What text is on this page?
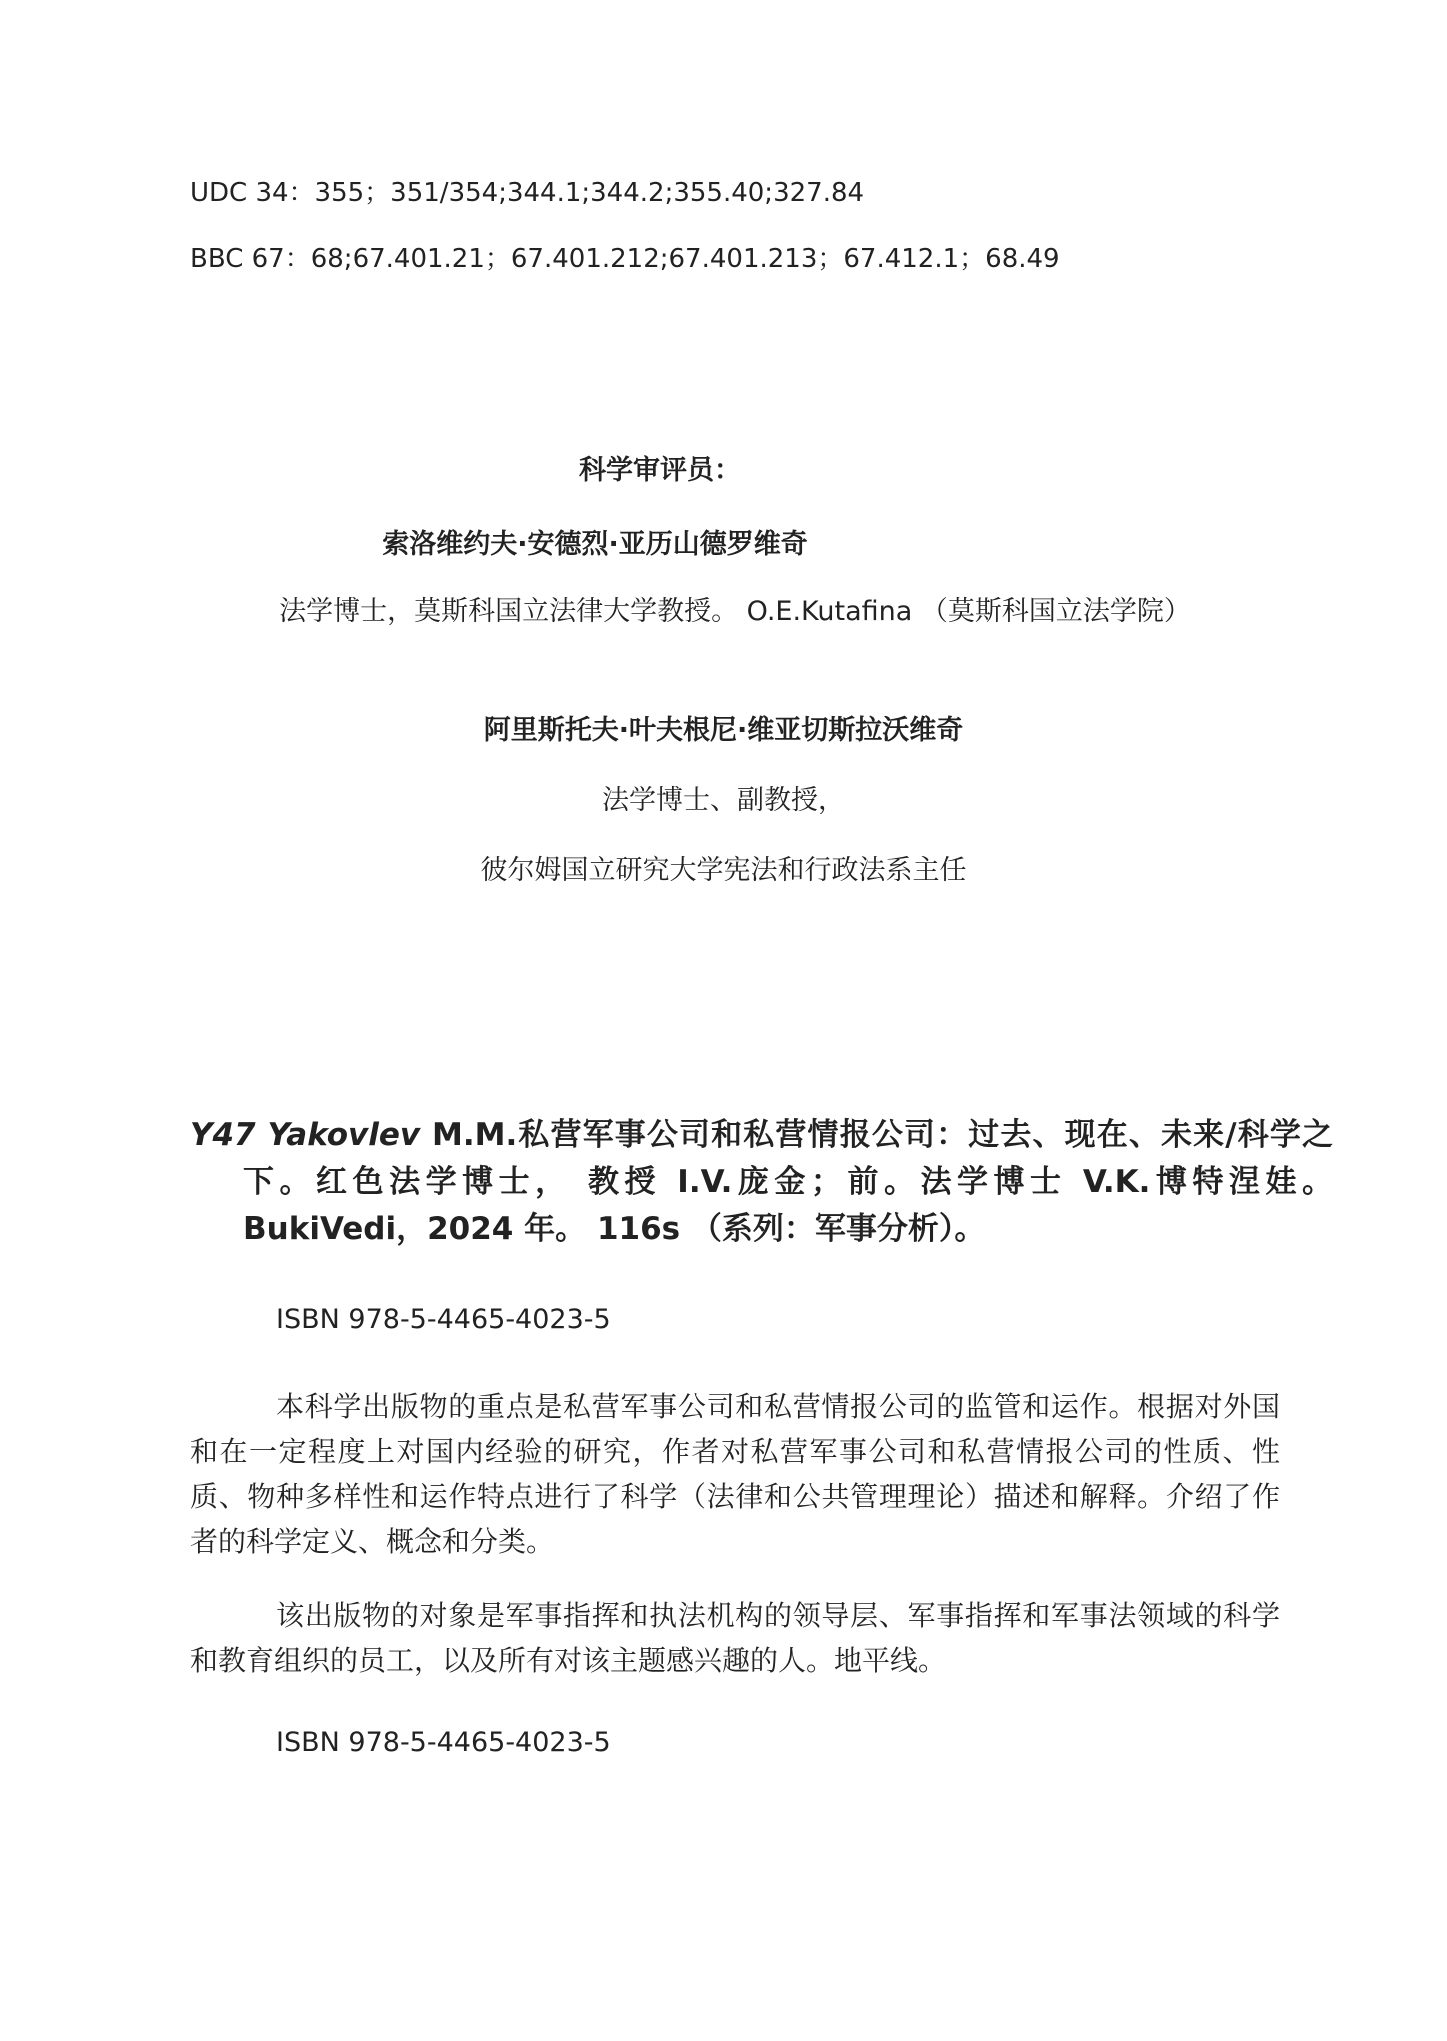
UDC 34：355；351/354;344.1;344.2;355.40;327.84
BBC 67：68;67.401.21；67.401.212;67.401.213；67.412.1；68.49
科学审评员：
索洛维约夫·安德烈·亚历山德罗维奇
法学博士，莫斯科国立法律大学教授。 O.E.Kutafina （莫斯科国立法学院）
阿里斯托夫·叶夫根尼·维亚切斯拉沃维奇
法学博士、副教授，
彼尔姆国立研究大学宪法和行政法系主任
Y47 Yakovlev M.M.私营军事公司和私营情报公司：过去、现在、未来/科学之下。红色法学博士， 教授 I.V.庞金；前。法学博士 V.K.博特涅娃。 BukiVedi，2024 年。 116s （系列：军事分析）。
ISBN 978-5-4465-4023-5
本科学出版物的重点是私营军事公司和私营情报公司的监管和运作。根据对外国和在一定程度上对国内经验的研究，作者对私营军事公司和私营情报公司的性质、性质、物种多样性和运作特点进行了科学（法律和公共管理理论）描述和解释。介绍了作者的科学定义、概念和分类。
该出版物的对象是军事指挥和执法机构的领导层、军事指挥和军事法领域的科学和教育组织的员工，以及所有对该主题感兴趣的人。地平线。
ISBN 978-5-4465-4023-5
